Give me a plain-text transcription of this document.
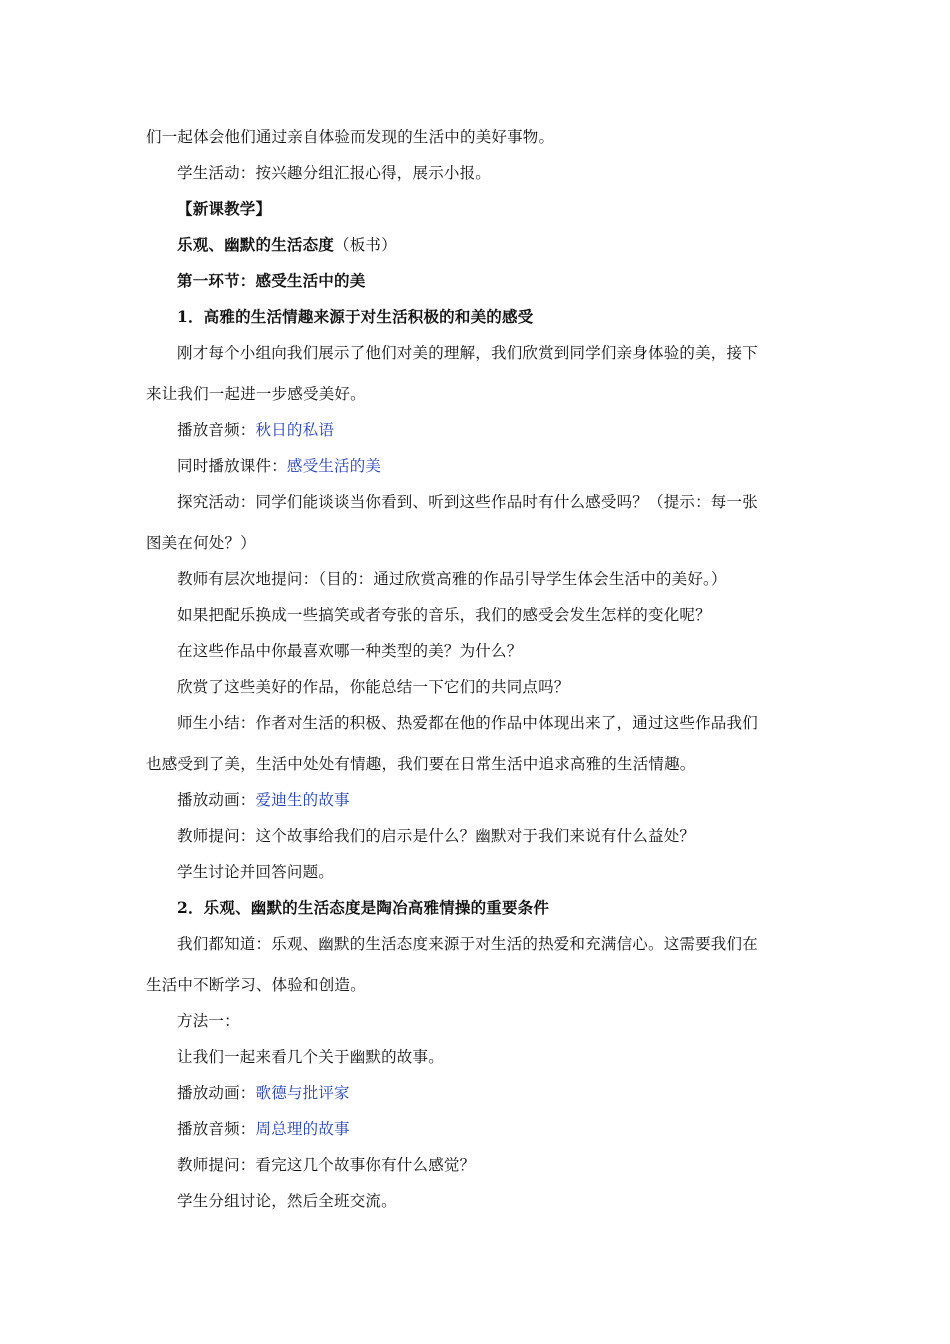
们一起体会他们通过亲自体验而发现的生活中的美好事物。
学生活动：按兴趣分组汇报心得，展示小报。
【新课教学】
乐观、幽默的生活态度（板书）
第一环节：感受生活中的美
1．高雅的生活情趣来源于对生活积极的和美的感受
刚才每个小组向我们展示了他们对美的理解，我们欣赏到同学们亲身体验的美，接下
来让我们一起进一步感受美好。
播放音频：秋日的私语
同时播放课件：感受生活的美
探究活动：同学们能谈谈当你看到、听到这些作品时有什么感受吗？（提示：每一张
图美在何处？）
教师有层次地提问：（目的：通过欣赏高雅的作品引导学生体会生活中的美好。）
如果把配乐换成一些搞笑或者夸张的音乐，我们的感受会发生怎样的变化呢？
在这些作品中你最喜欢哪一种类型的美？为什么？
欣赏了这些美好的作品，你能总结一下它们的共同点吗？
师生小结：作者对生活的积极、热爱都在他的作品中体现出来了，通过这些作品我们
也感受到了美，生活中处处有情趣，我们要在日常生活中追求高雅的生活情趣。
播放动画：爱迪生的故事
教师提问：这个故事给我们的启示是什么？幽默对于我们来说有什么益处？
学生讨论并回答问题。
2．乐观、幽默的生活态度是陶冶高雅情操的重要条件
我们都知道：乐观、幽默的生活态度来源于对生活的热爱和充满信心。这需要我们在
生活中不断学习、体验和创造。
方法一：
让我们一起来看几个关于幽默的故事。
播放动画：歌德与批评家
播放音频：周总理的故事
教师提问：看完这几个故事你有什么感觉？
学生分组讨论，然后全班交流。
